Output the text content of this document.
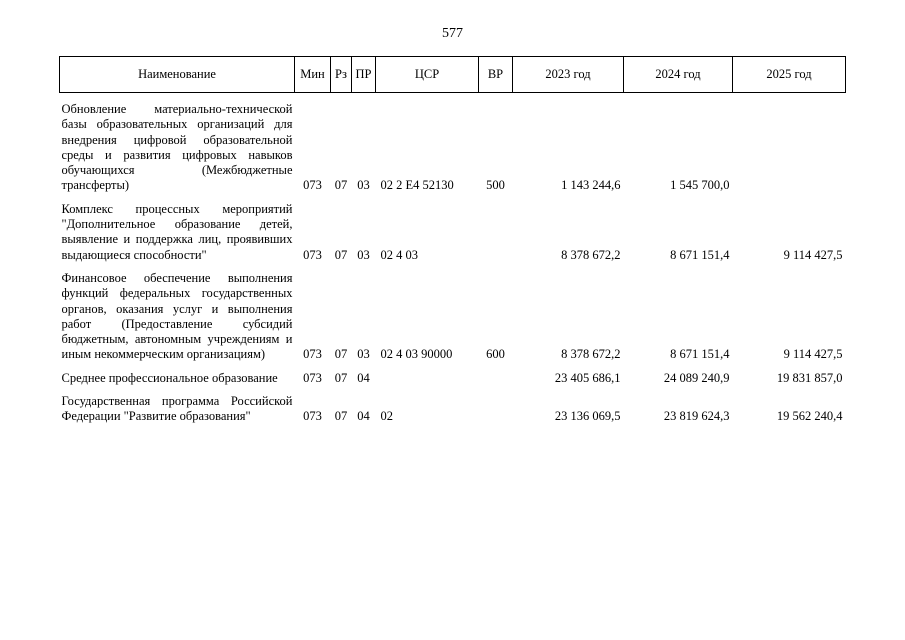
577
Наименование	Мин	Рз	ПР	ЦСР	ВР	2023 год	2024 год	2025 год
Обновление материально-технической базы образовательных организаций для внедрения цифровой образовательной среды и развития цифровых навыков обучающихся (Межбюджетные трансферты)	073	07	03	02 2 Е4 52130	500	1 143 244,6	1 545 700,0	
Комплекс процессных мероприятий "Дополнительное образование детей, выявление и поддержка лиц, проявивших выдающиеся способности"	073	07	03	02 4 03		8 378 672,2	8 671 151,4	9 114 427,5
Финансовое обеспечение выполнения функций федеральных государственных органов, оказания услуг и выполнения работ (Предоставление субсидий бюджетным, автономным учреждениям и иным некоммерческим организациям)	073	07	03	02 4 03 90000	600	8 378 672,2	8 671 151,4	9 114 427,5
Среднее профессиональное образование	073	07	04			23 405 686,1	24 089 240,9	19 831 857,0
Государственная программа Российской Федерации "Развитие образования"	073	07	04	02		23 136 069,5	23 819 624,3	19 562 240,4
